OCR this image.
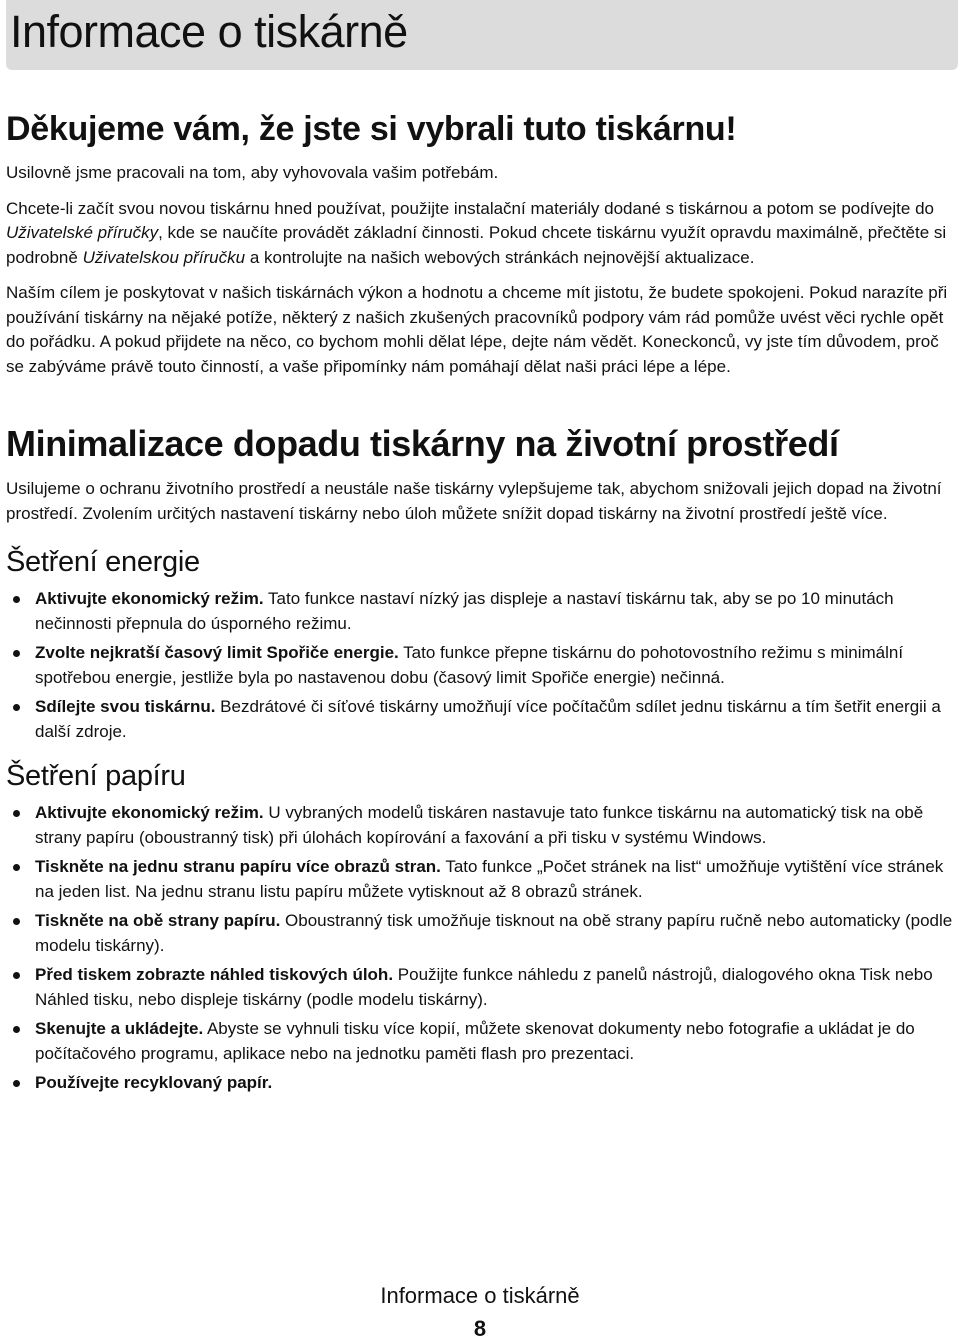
Informace o tiskárně
Děkujeme vám, že jste si vybrali tuto tiskárnu!

Usilovně jsme pracovali na tom, aby vyhovovala vašim potřebám.

Chcete-li začít svou novou tiskárnu hned používat, použijte instalační materiály dodané s tiskárnou a potom se podívejte do Uživatelské příručky, kde se naučíte provádět základní činnosti. Pokud chcete tiskárnu využít opravdu maximálně, přečtěte si podrobně Uživatelskou příručku a kontrolujte na našich webových stránkách nejnovější aktualizace.

Naším cílem je poskytovat v našich tiskárnách výkon a hodnotu a chceme mít jistotu, že budete spokojeni. Pokud narazíte při používání tiskárny na nějaké potíže, některý z našich zkušených pracovníků podpory vám rád pomůže uvést věci rychle opět do pořádku. A pokud přijdete na něco, co bychom mohli dělat lépe, dejte nám vědět. Koneckonců, vy jste tím důvodem, proč se zabýváme právě touto činností, a vaše připomínky nám pomáhají dělat naši práci lépe a lépe.

Minimalizace dopadu tiskárny na životní prostředí

Usilujeme o ochranu životního prostředí a neustále naše tiskárny vylepšujeme tak, abychom snižovali jejich dopad na životní prostředí. Zvolením určitých nastavení tiskárny nebo úloh můžete snížit dopad tiskárny na životní prostředí ještě více.

Šetření energie
Aktivujte ekonomický režim. Tato funkce nastaví nízký jas displeje a nastaví tiskárnu tak, aby se po 10 minutách nečinnosti přepnula do úsporného režimu.
Zvolte nejkratší časový limit Spořiče energie. Tato funkce přepne tiskárnu do pohotovostního režimu s minimální spotřebou energie, jestliže byla po nastavenou dobu (časový limit Spořiče energie) nečinná.
Sdílejte svou tiskárnu. Bezdrátové či síťové tiskárny umožňují více počítačům sdílet jednu tiskárnu a tím šetřit energii a další zdroje.
Šetření papíru
Aktivujte ekonomický režim. U vybraných modelů tiskáren nastavuje tato funkce tiskárnu na automatický tisk na obě strany papíru (oboustranný tisk) při úlohách kopírování a faxování a při tisku v systému Windows.
Tiskněte na jednu stranu papíru více obrazů stran. Tato funkce „Počet stránek na list“ umožňuje vytištění více stránek na jeden list. Na jednu stranu listu papíru můžete vytisknout až 8 obrazů stránek.
Tiskněte na obě strany papíru. Oboustranný tisk umožňuje tisknout na obě strany papíru ručně nebo automaticky (podle modelu tiskárny).
Před tiskem zobrazte náhled tiskových úloh. Použijte funkce náhledu z panelů nástrojů, dialogového okna Tisk nebo Náhled tisku, nebo displeje tiskárny (podle modelu tiskárny).
Skenujte a ukládejte. Abyste se vyhnuli tisku více kopií, můžete skenovat dokumenty nebo fotografie a ukládat je do počítačového programu, aplikace nebo na jednotku paměti flash pro prezentaci.
Používejte recyklovaný papír.
Informace o tiskárně
8
